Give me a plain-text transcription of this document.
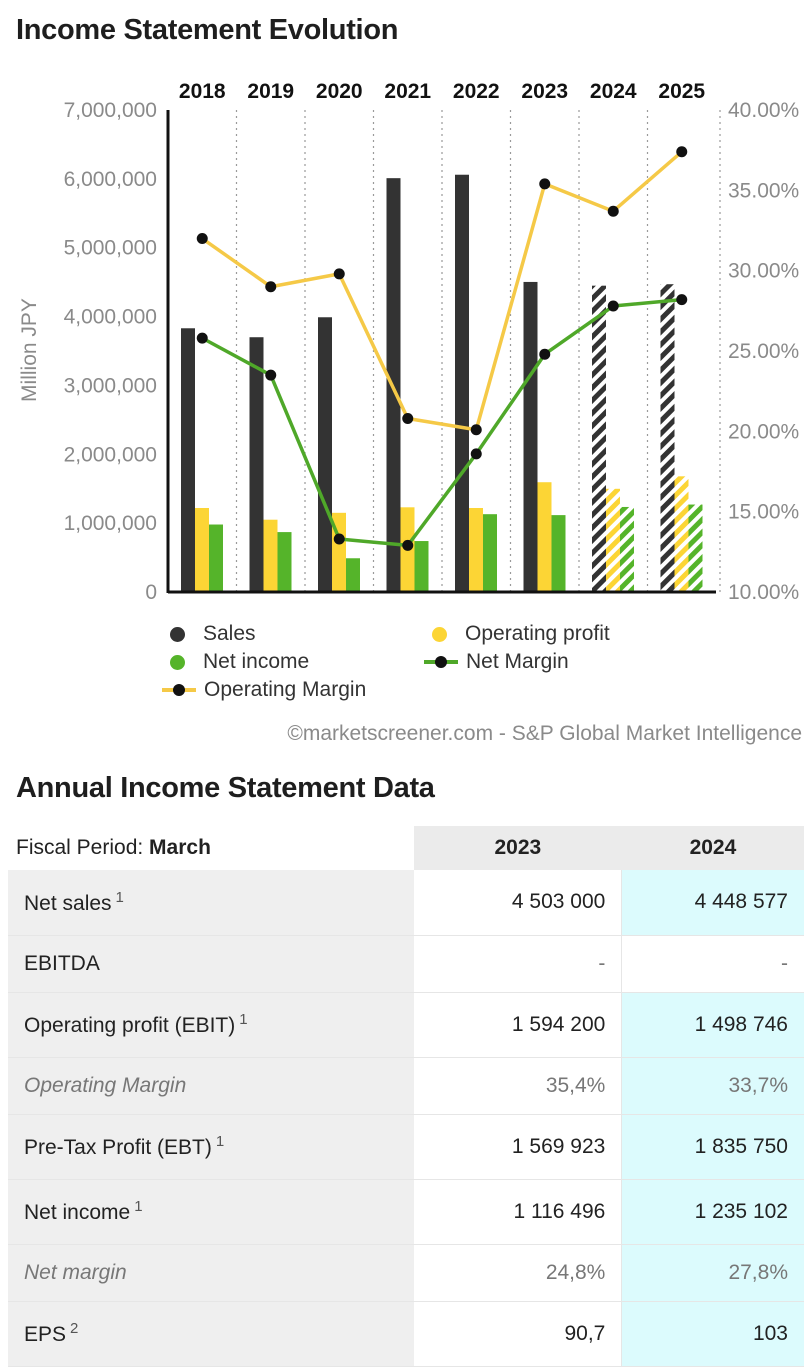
Income Statement Evolution
0
1,000,000
2,000,000
3,000,000
4,000,000
5,000,000
6,000,000
7,000,000
10.00%
15.00%
20.00%
25.00%
30.00%
35.00%
40.00%
2018 2019 2020 2021 2022 2023 2024 2025
Million JPY
Sales	Operating profit
Net income	Net Margin
Operating Margin
©marketscreener.com - S&P Global Market Intelligence
Annual Income Statement Data
Fiscal Period: March	2023	2024
Net sales $^1$	4 503 000	4 448 577
EBITDA	-	-
Operating profit (EBIT) $^1$	1 594 200	1 498 746
Operating Margin	35,4%	33,7%
Pre-Tax Profit (EBT) $^1$	1 569 923	1 835 750
Net income $^1$	1 116 496	1 235 102
Net margin	24,8%	27,8%
EPS $^2$	90,7	103
